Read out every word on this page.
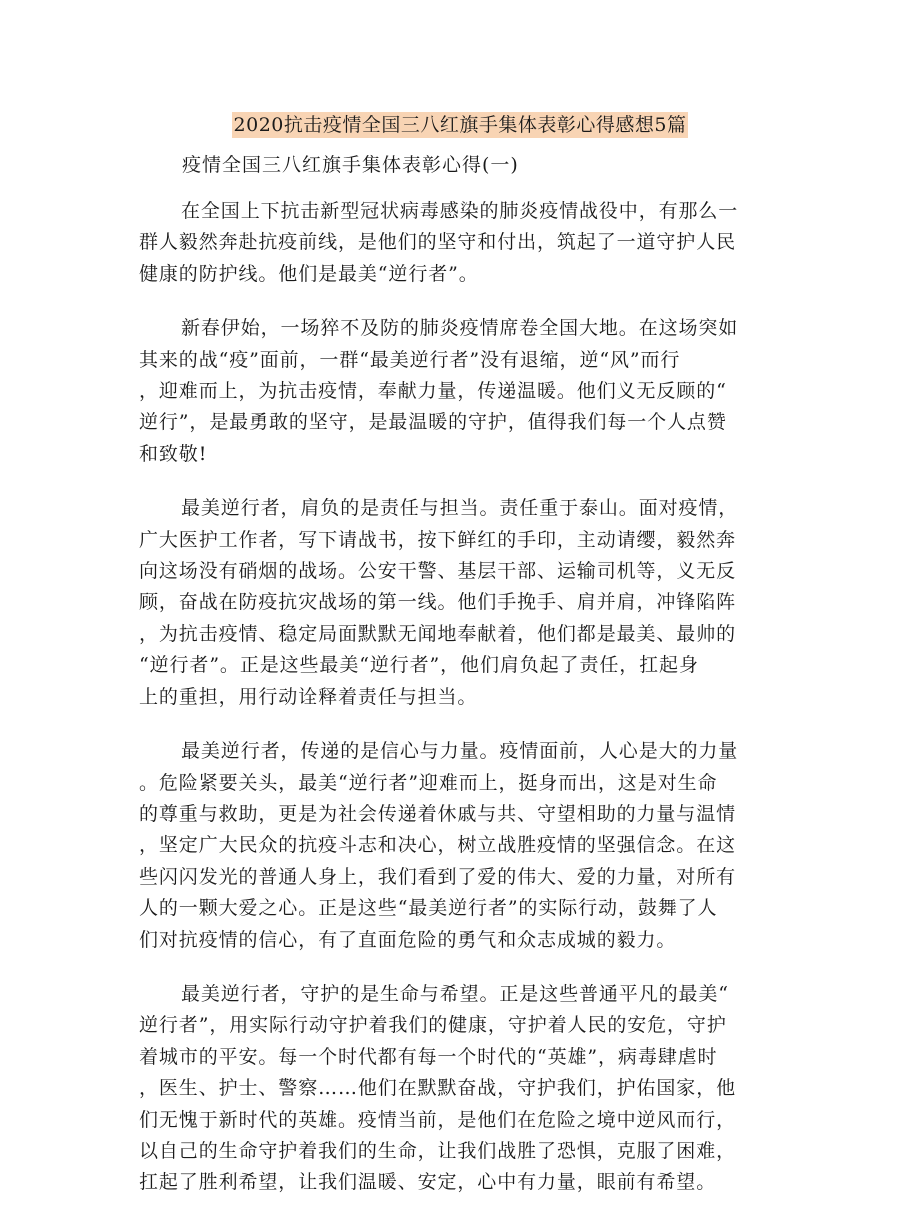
2020抗击疫情全国三八红旗手集体表彰心得感想5篇
疫情全国三八红旗手集体表彰心得(一)
在全国上下抗击新型冠状病毒感染的肺炎疫情战役中，有那么一
群人毅然奔赴抗疫前线，是他们的坚守和付出，筑起了一道守护人民
健康的防护线。他们是最美“逆行者”。
新春伊始，一场猝不及防的肺炎疫情席卷全国大地。在这场突如
其来的战“疫”面前，一群“最美逆行者”没有退缩，逆“风”而行
，迎难而上，为抗击疫情，奉献力量，传递温暖。他们义无反顾的“
逆行”，是最勇敢的坚守，是最温暖的守护，值得我们每一个人点赞
和致敬!
最美逆行者，肩负的是责任与担当。责任重于泰山。面对疫情，
广大医护工作者，写下请战书，按下鲜红的手印，主动请缨，毅然奔
向这场没有硝烟的战场。公安干警、基层干部、运输司机等，义无反
顾，奋战在防疫抗灾战场的第一线。他们手挽手、肩并肩，冲锋陷阵
，为抗击疫情、稳定局面默默无闻地奉献着，他们都是最美、最帅的
“逆行者”。正是这些最美“逆行者”，他们肩负起了责任，扛起身
上的重担，用行动诠释着责任与担当。
最美逆行者，传递的是信心与力量。疫情面前，人心是大的力量
。危险紧要关头，最美“逆行者”迎难而上，挺身而出，这是对生命
的尊重与救助，更是为社会传递着休戚与共、守望相助的力量与温情
，坚定广大民众的抗疫斗志和决心，树立战胜疫情的坚强信念。在这
些闪闪发光的普通人身上，我们看到了爱的伟大、爱的力量，对所有
人的一颗大爱之心。正是这些“最美逆行者”的实际行动，鼓舞了人
们对抗疫情的信心，有了直面危险的勇气和众志成城的毅力。
最美逆行者，守护的是生命与希望。正是这些普通平凡的最美“
逆行者”，用实际行动守护着我们的健康，守护着人民的安危，守护
着城市的平安。每一个时代都有每一个时代的“英雄”，病毒肆虐时
，医生、护士、警察……他们在默默奋战，守护我们，护佑国家，他
们无愧于新时代的英雄。疫情当前，是他们在危险之境中逆风而行，
以自己的生命守护着我们的生命，让我们战胜了恐惧，克服了困难，
扛起了胜利希望，让我们温暖、安定，心中有力量，眼前有希望。
